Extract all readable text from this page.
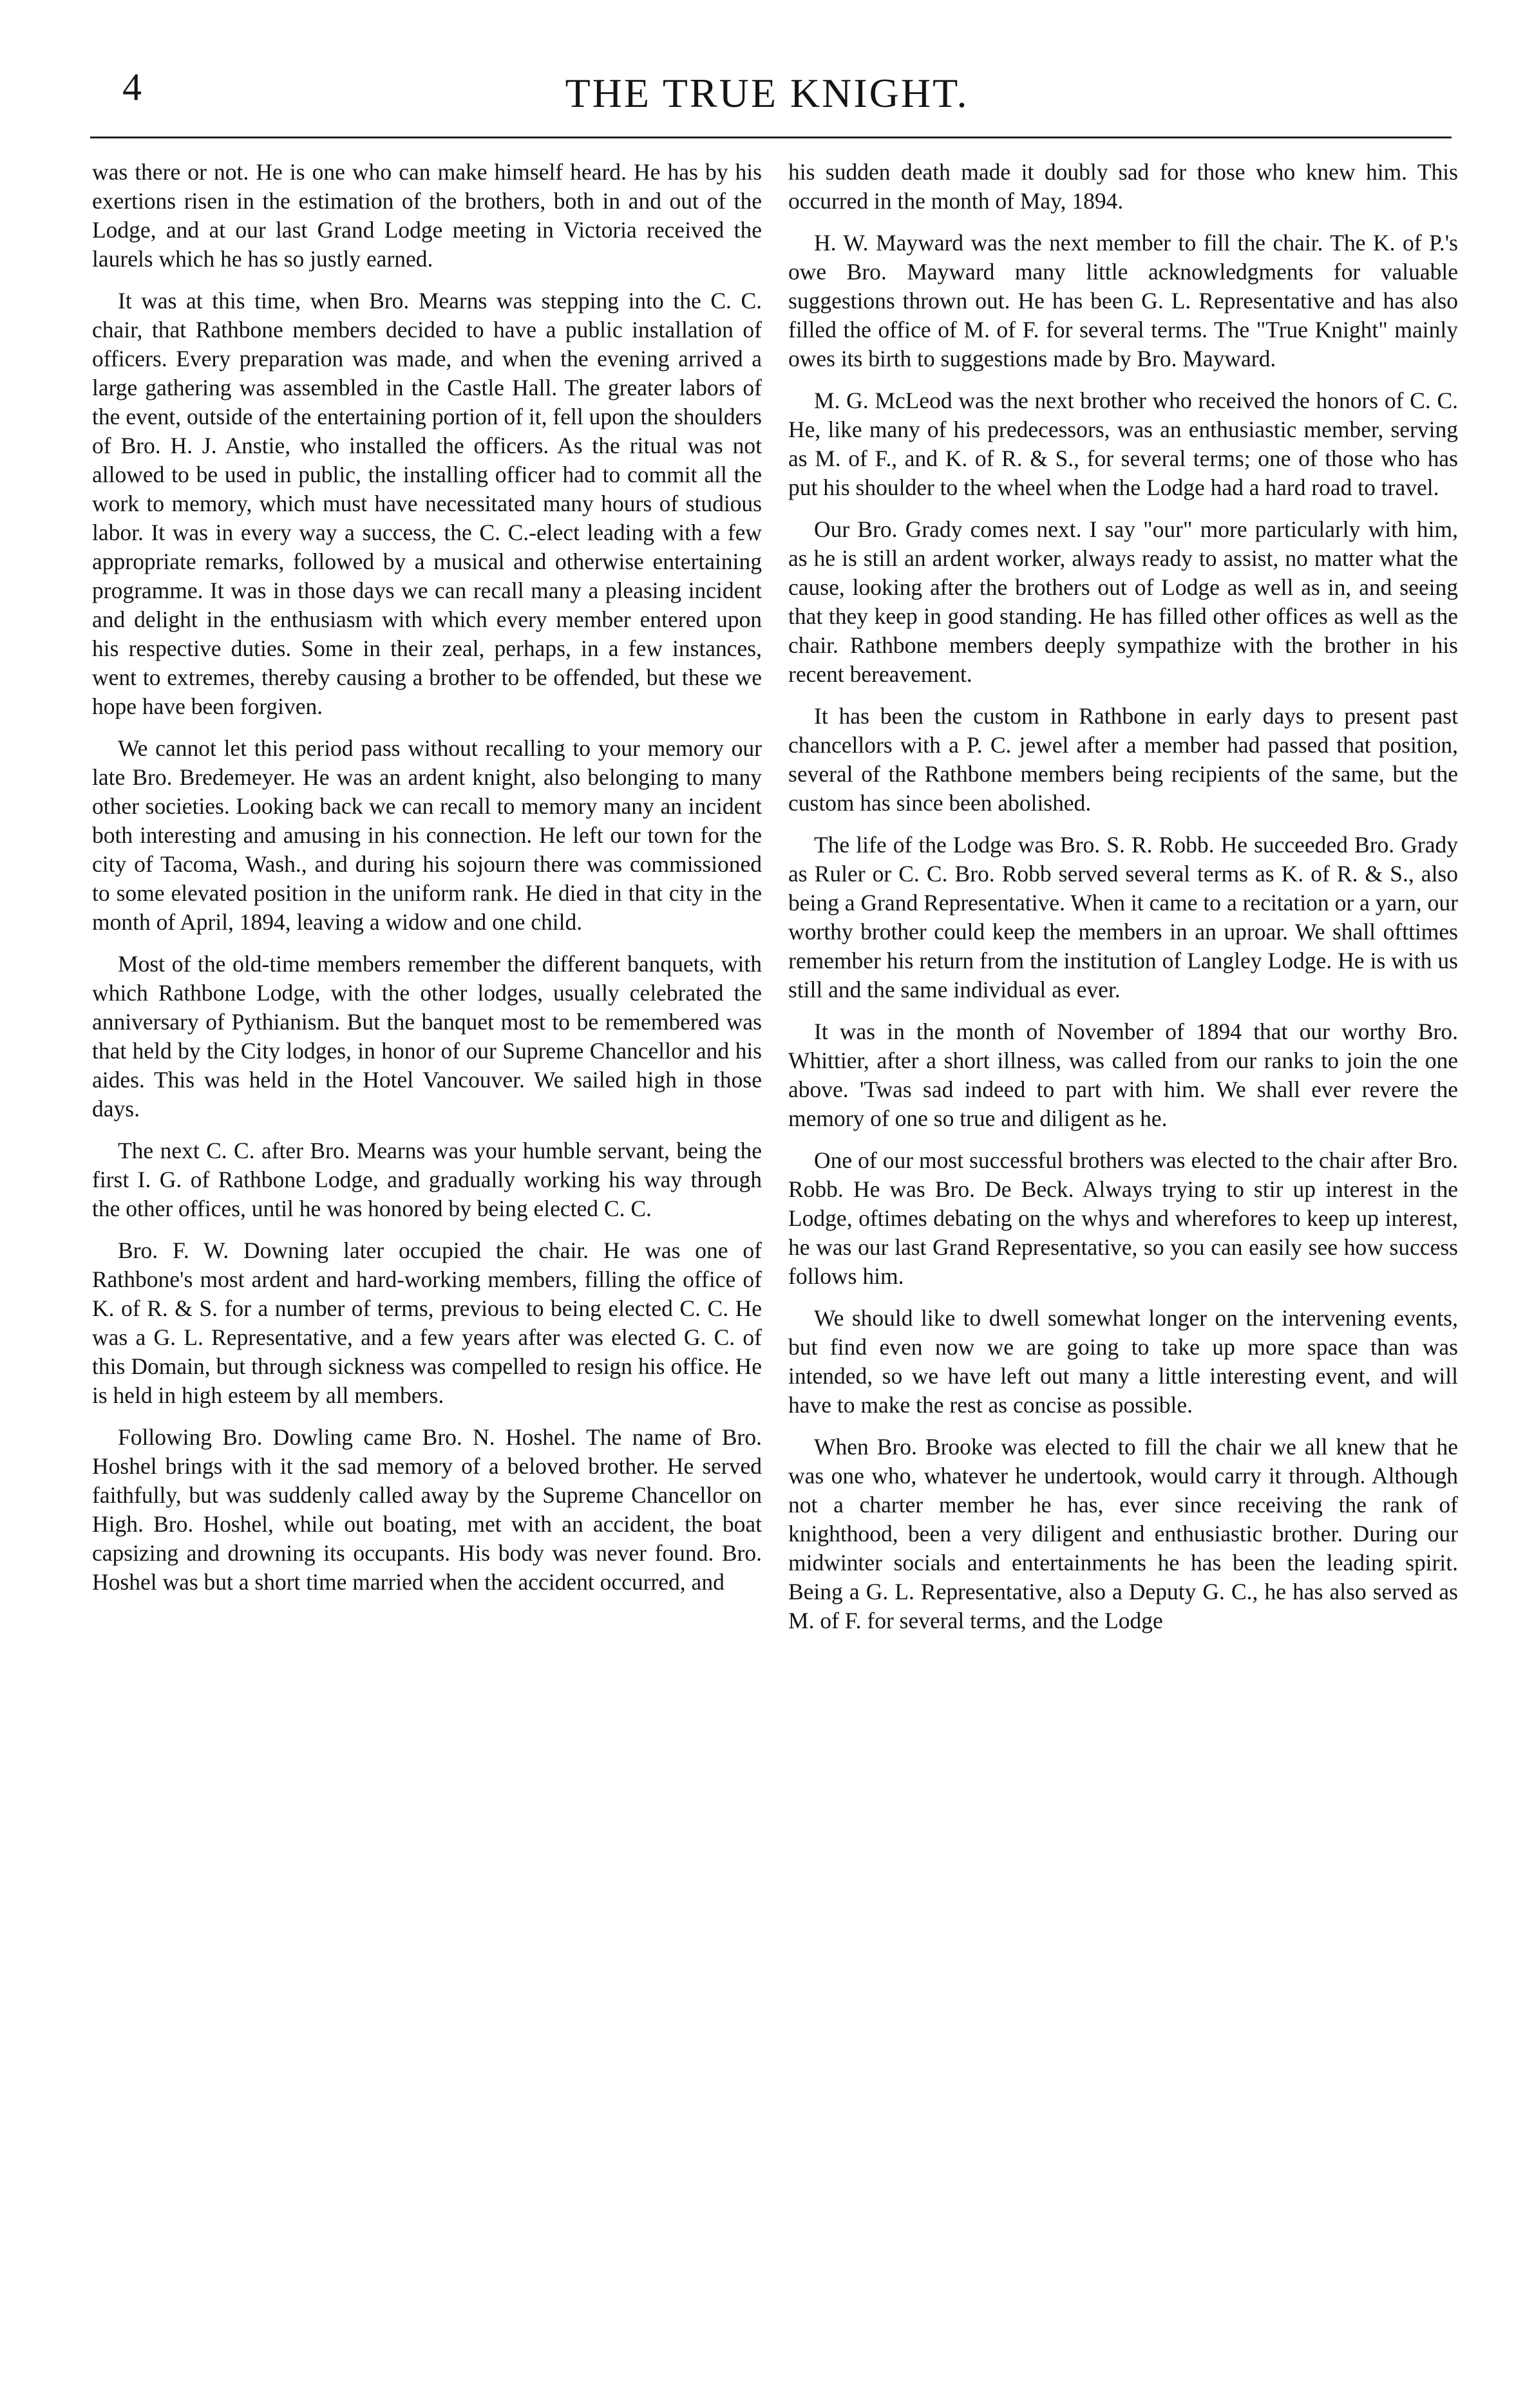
4	THE TRUE KNIGHT.

was there or not. He is one who can make himself heard. He has by his exertions risen in the estimation of the brothers, both in and out of the Lodge, and at our last Grand Lodge meeting in Victoria received the laurels which he has so justly earned.

It was at this time, when Bro. Mearns was stepping into the C. C. chair, that Rathbone members decided to have a public installation of officers. Every preparation was made, and when the evening arrived a large gathering was assembled in the Castle Hall. The greater labors of the event, outside of the entertaining portion of it, fell upon the shoulders of Bro. H. J. Anstie, who installed the officers. As the ritual was not allowed to be used in public, the installing officer had to commit all the work to memory, which must have necessitated many hours of studious labor. It was in every way a success, the C. C.-elect leading with a few appropriate remarks, followed by a musical and otherwise entertaining programme. It was in those days we can recall many a pleasing incident and delight in the enthusiasm with which every member entered upon his respective duties. Some in their zeal, perhaps, in a few instances, went to extremes, thereby causing a brother to be offended, but these we hope have been forgiven.

We cannot let this period pass without recalling to your memory our late Bro. Bredemeyer. He was an ardent knight, also belonging to many other societies. Looking back we can recall to memory many an incident both interesting and amusing in his connection. He left our town for the city of Tacoma, Wash., and during his sojourn there was commissioned to some elevated position in the uniform rank. He died in that city in the month of April, 1894, leaving a widow and one child.

Most of the old-time members remember the different banquets, with which Rathbone Lodge, with the other lodges, usually celebrated the anniversary of Pythianism. But the banquet most to be remembered was that held by the City lodges, in honor of our Supreme Chancellor and his aides. This was held in the Hotel Vancouver. We sailed high in those days.

The next C. C. after Bro. Mearns was your humble servant, being the first I. G. of Rathbone Lodge, and gradually working his way through the other offices, until he was honored by being elected C. C.

Bro. F. W. Downing later occupied the chair. He was one of Rathbone's most ardent and hard-working members, filling the office of K. of R. & S. for a number of terms, previous to being elected C. C. He was a G. L. Representative, and a few years after was elected G. C. of this Domain, but through sickness was compelled to resign his office. He is held in high esteem by all members.

Following Bro. Dowling came Bro. N. Hoshel. The name of Bro. Hoshel brings with it the sad memory of a beloved brother. He served faithfully, but was suddenly called away by the Supreme Chancellor on High. Bro. Hoshel, while out boating, met with an accident, the boat capsizing and drowning its occupants. His body was never found. Bro. Hoshel was but a short time married when the accident occurred, and

his sudden death made it doubly sad for those who knew him. This occurred in the month of May, 1894.

H. W. Mayward was the next member to fill the chair. The K. of P.'s owe Bro. Mayward many little acknowledgments for valuable suggestions thrown out. He has been G. L. Representative and has also filled the office of M. of F. for several terms. The "True Knight" mainly owes its birth to suggestions made by Bro. Mayward.

M. G. McLeod was the next brother who received the honors of C. C. He, like many of his predecessors, was an enthusiastic member, serving as M. of F., and K. of R. & S., for several terms; one of those who has put his shoulder to the wheel when the Lodge had a hard road to travel.

Our Bro. Grady comes next. I say "our" more particularly with him, as he is still an ardent worker, always ready to assist, no matter what the cause, looking after the brothers out of Lodge as well as in, and seeing that they keep in good standing. He has filled other offices as well as the chair. Rathbone members deeply sympathize with the brother in his recent bereavement.

It has been the custom in Rathbone in early days to present past chancellors with a P. C. jewel after a member had passed that position, several of the Rathbone members being recipients of the same, but the custom has since been abolished.

The life of the Lodge was Bro. S. R. Robb. He succeeded Bro. Grady as Ruler or C. C. Bro. Robb served several terms as K. of R. & S., also being a Grand Representative. When it came to a recitation or a yarn, our worthy brother could keep the members in an uproar. We shall ofttimes remember his return from the institution of Langley Lodge. He is with us still and the same individual as ever.

It was in the month of November of 1894 that our worthy Bro. Whittier, after a short illness, was called from our ranks to join the one above. 'Twas sad indeed to part with him. We shall ever revere the memory of one so true and diligent as he.

One of our most successful brothers was elected to the chair after Bro. Robb. He was Bro. De Beck. Always trying to stir up interest in the Lodge, oftimes debating on the whys and wherefores to keep up interest, he was our last Grand Representative, so you can easily see how success follows him.

We should like to dwell somewhat longer on the intervening events, but find even now we are going to take up more space than was intended, so we have left out many a little interesting event, and will have to make the rest as concise as possible.

When Bro. Brooke was elected to fill the chair we all knew that he was one who, whatever he undertook, would carry it through. Although not a charter member he has, ever since receiving the rank of knighthood, been a very diligent and enthusiastic brother. During our midwinter socials and entertainments he has been the leading spirit. Being a G. L. Representative, also a Deputy G. C., he has also served as M. of F. for several terms, and the Lodge
